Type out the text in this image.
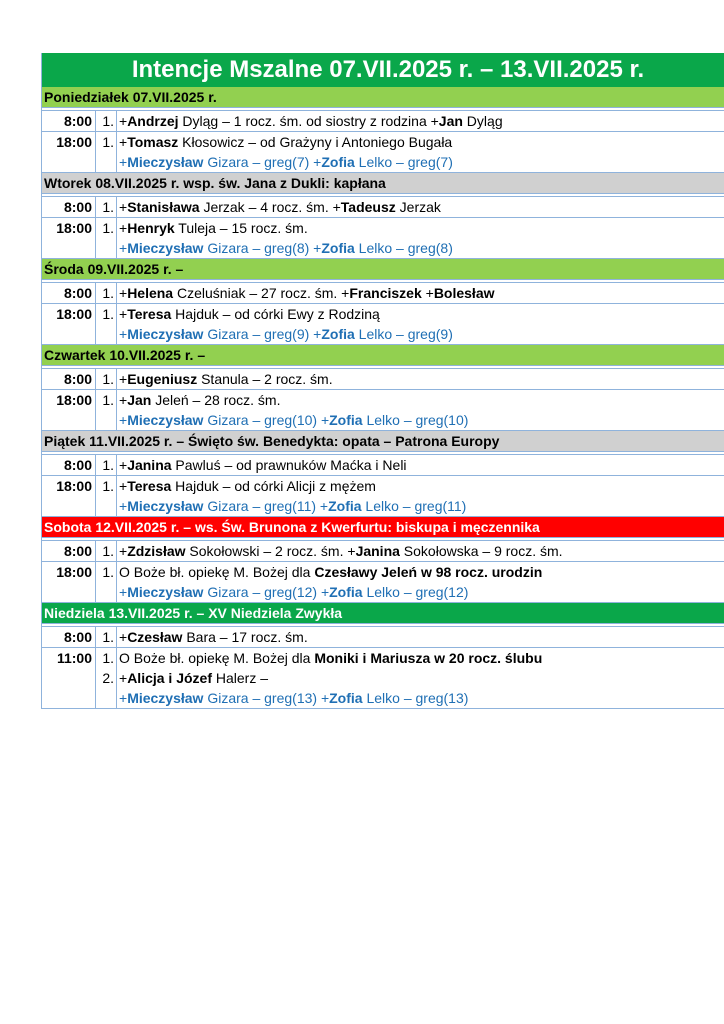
Intencje Mszalne 07.VII.2025 r. – 13.VII.2025 r.
Poniedziałek 07.VII.2025 r.
8:00 1. +Andrzej Dyląg – 1 rocz. śm. od siostry z rodzina +Jan Dyląg
18:00 1. +Tomasz Kłosowicz – od Grażyny i Antoniego Bugała
+Mieczysław Gizara – greg(7) +Zofia Lelko – greg(7)
Wtorek 08.VII.2025 r. wsp. św. Jana z Dukli: kapłana
8:00 1. +Stanisława Jerzak – 4 rocz. śm. +Tadeusz Jerzak
18:00 1. +Henryk Tuleja – 15 rocz. śm.
+Mieczysław Gizara – greg(8) +Zofia Lelko – greg(8)
Środa 09.VII.2025 r. –
8:00 1. +Helena Czeluśniak – 27 rocz. śm. +Franciszek +Bolesław
18:00 1. +Teresa Hajduk – od córki Ewy z Rodziną
+Mieczysław Gizara – greg(9) +Zofia Lelko – greg(9)
Czwartek 10.VII.2025 r. –
8:00 1. +Eugeniusz Stanula – 2 rocz. śm.
18:00 1. +Jan Jeleń – 28 rocz. śm.
+Mieczysław Gizara – greg(10) +Zofia Lelko – greg(10)
Piątek 11.VII.2025 r. – Święto św. Benedykta: opata – Patrona Europy
8:00 1. +Janina Pawluś – od prawnuków Maćka i Neli
18:00 1. +Teresa Hajduk – od córki Alicji z mężem
+Mieczysław Gizara – greg(11) +Zofia Lelko – greg(11)
Sobota 12.VII.2025 r. – ws. Św. Brunona z Kwerfurtu: biskupa i męczennika
8:00 1. +Zdzisław Sokołowski – 2 rocz. śm. +Janina Sokołowska – 9 rocz. śm.
18:00 1. O Boże bł. opiekę M. Bożej dla Czesławy Jeleń w 98 rocz. urodzin
+Mieczysław Gizara – greg(12) +Zofia Lelko – greg(12)
Niedziela 13.VII.2025 r. – XV Niedziela Zwykła
8:00 1. +Czesław Bara – 17 rocz. śm.
11:00 1.
2.
O Boże bł. opiekę M. Bożej dla Moniki i Mariusza w 20 rocz. ślubu
+Alicja i Józef Halerz –
+Mieczysław Gizara – greg(13) +Zofia Lelko – greg(13)
